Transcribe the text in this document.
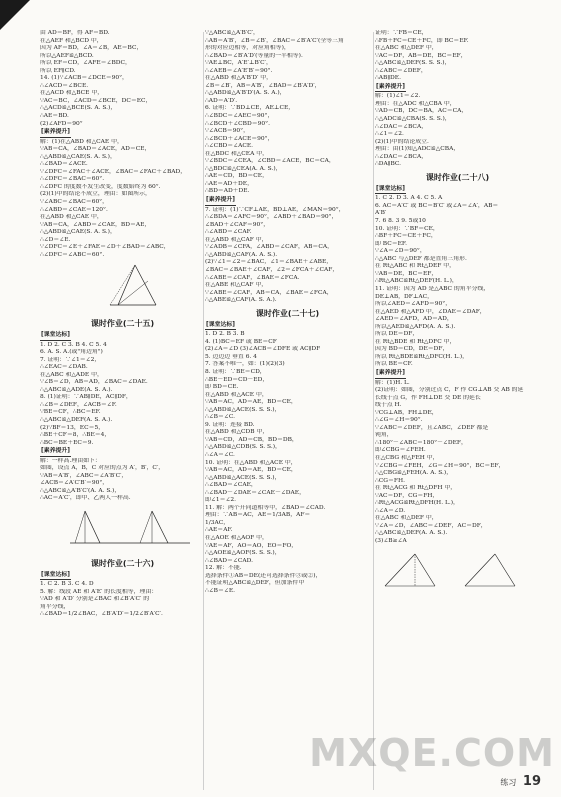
由 AD＝BF，得 AF＝BD.
在△AEF 和△BCD 中，
因为 AF＝BD，∠A＝∠B，AE＝BC，
所以△AEF≌△BCD.
所以 EF＝CD，∠AFE＝∠BDC，
所以 EF∥CD.
14. (1)∵∠ACB＝∠DCE＝90°，
∴∠ACD＝∠BCE.
在△ACD 和△BCE 中，
∵AC＝BC，∠ACD＝∠BCE，DC＝EC，
∴△ACD≌△BCE(S. A. S.)，
∴AE＝BD.
(2)∠AFD＝90°
[素养提升]
解：(1)在△ABD 和△CAE 中，
∵AB＝CA，∠BAD＝∠ACE，AD＝CE，
∴△ABD≌△CAE(S. A. S.)，
∴∠BAD＝∠ACE.
∵∠DFC＝∠FAC＋∠ACE，∠BAC＝∠FAC＋∠BAD，
∴∠DFC＝∠BAC＝60°.
∴∠DFC 的度数不发生改变，度数始终为 60°.
(2)(1)中的结论不成立，理由：如图所示，
∵∠ABC＝∠BAC＝60°，
∴∠ABD＝∠CAE＝120°.
在△ABD 和△CAE 中，
∵AB＝CA，∠ABD＝∠CAE，BD＝AE，
∴△ABD≌△CAE(S. A. S.)，
∴∠D＝∠E.
∵∠DFC＝∠E＋∠FAE＝∠D＋∠BAD＝∠ABC，
∴∠DFC＝∠ABC＝60°.
课时作业(二十五)
[课堂达标]
1. D 2. C 3. B 4. C 5. 4
6. A. S. A.(或"角边角")
7. 证明：∵∠1＝∠2，
∴∠EAC＝∠DAB.
在△ABC 和△ADE 中，
∵∠B＝∠D，AB＝AD，∠BAC＝∠DAE.
∴△ABC≌△ADE(A. S. A.).
8. (1)证明：∵AB∥DE，AC∥DF，
∴∠B＝∠DEF，∠ACB＝∠F.
∵BE＝CF，∴BC＝EF.
∴△ABC≌△DEF(A. S. A.).
(2)∵BF＝13，EC＝5，
∴BE＋CF＝8，∴BE＝4，
∴BC＝BE＋EC＝9.
[素养提升]
解：一样高.理由如下：
如图，设点 A，B，C 对应的点为 A′，B′，C′，
∵AB＝A′B′，∠ABC＝∠A′B′C′，
∠ACB＝∠A′C′B′＝90°，
∴△ABC≌△A′B′C′(A. A. S.)，
∴AC＝A′C′，即甲、乙两人一样高.
课时作业(二十六)
[课堂达标]
1. C 2. B 3. C 4. D
5. 解：线段 AE 和 A′E′ 的长度相等，理由：
∵AD 和 A′D′ 分别是∠BAC 和∠B′A′C′ 的
角平分线，
∴∠BAD＝1/2∠BAC，∠B′A′D′＝1/2∠B′A′C′.
∵△ABC≌△A′B′C′，
∴AB＝A′B′，∠B＝∠B′，∠BAC＝∠B′A′C′(全等三角
形的对应边相等，对应角相等)，
∴∠BAD＝∠B′A′D′(等量的一半相等).
∵AE⊥BC，A′E′⊥B′C′，
∴∠AEB＝∠A′E′B′＝90°.
在△ABD 和△A′B′D′ 中，
∠B＝∠B′，AB＝A′B′，∠BAD＝∠B′A′D′，
∴△ABD≌△A′B′D′(A. S. A.)，
∴AD＝A′D′.
6. 证明：∵BD⊥CE，AE⊥CE，
∴∠BDC＝∠AEC＝90°，
∴∠BCD＋∠CBD＝90°.
∵∠ACB＝90°，
∴∠BCD＋∠ACE＝90°，
∴∠CBD＝∠ACE.
在△BDC 和△CEA 中，
∵∠BDC＝∠CEA，∠CBD＝∠ACE，BC＝CA，
∴△BDC≌△CEA(A. A. S.)，
∴AE＝CD，BD＝CE，
∴AE＝AD＋DE，
∴BD＝AD＋DE.
[素养提升]
7. 证明：(1)∵CF⊥AE，BD⊥AE，∠MAN＝90°，
∴∠BDA＝∠AFC＝90°，∠ABD＋∠BAD＝90°，
∠BAD＋∠CAF＝90°，
∴∠ABD＝∠CAF.
在△ABD 和△CAF 中，
∵∠ADB＝∠CFA，∠ABD＝∠CAF，AB＝CA，
∴△ABD≌△CAF(A. A. S.).
(2)∵∠1＝∠2＝∠BAC，∠1＝∠BAE＋∠ABE，
∠BAC＝∠BAE＋∠CAF，∠2＝∠FCA＋∠CAF，
∴∠ABE＝∠CAF，∠BAE＝∠FCA.
在△ABE 和△CAF 中，
∵∠ABE＝∠CAF，AB＝CA，∠BAE＝∠FCA，
∴△ABE≌△CAF(A. S. A.).
课时作业(二十七)
[课堂达标]
1. D 2. B 3. B
4. (1)BC＝EF 或 BE＝CF
(2)∠A＝∠D (3)∠ACB＝∠DFE 或 AC∥DF
5. 边边边 垂直 6. 4
7. 答案不唯一，如：(1)(2)(3)
8. 证明：∵BE＝CD，
∴BE－ED＝CD－ED，
即 BD＝CE.
在△ABD 和△ACE 中，
∵AB＝AC，AD＝AE，BD＝CE，
∴△ABD≌△ACE(S. S. S.)，
∴∠B＝∠C.
9. 证明：连接 BD.
在△ABD 和△CDB 中，
∵AB＝CD，AD＝CB，BD＝DB，
∴△ABD≌△CDB(S. S. S.)，
∴∠A＝∠C.
10. 证明：在△ABD 和△ACE 中，
∵AB＝AC，AD＝AE，BD＝CE，
∴△ABD≌△ACE(S. S. S.)，
∴∠BAD＝∠CAE，
∴∠BAD－∠DAE＝∠CAE－∠DAE，
即∠1＝∠2.
11. 解：两个开同道相等中，∠BAD＝∠CAD.
理由：∵AB＝AC，AE＝1/3AB，AF＝
1/3AC，
∴AE＝AF.
在△AOE 和△AOF 中，
∵AE＝AF，AO＝AO，EO＝FO，
∴△AOE≌△AOF(S. S. S.)，
∴∠BAD＝∠CAD.
12. 解：不能.
选择条件①AB＝DE(还可选择条件③或②)，
不能证明△ABC≌△DEF，但加条件中
∴∠B＝∠E.
证明：∵FB＝CE，
∴FB＋FC＝CE＋FC，即 BC＝EF.
在△ABC 和△DEF 中，
∵AC＝DF，AB＝DE，BC＝EF，
∴△ABC≌△DEF(S. S. S.)，
∴∠ABC＝∠DEF，
∴AB∥DE.
[素养提升]
解：(1)∠1＝∠2.
理由：在△ADC 和△CBA 中，
∵AD＝CB，DC＝BA，AC＝CA，
∴△ADC≌△CBA(S. S. S.)，
∴∠DAC＝∠BCA，
∴∠1＝∠2.
(2)(1)中的结论成立.
理由：由(1)知△ADC≌△CBA，
∴∠DAC＝∠BCA，
∴DA∥BC.
课时作业(二十八)
[课堂达标]
1. C 2. D 3. A 4. C 5. A
6. AC＝A′C′ 或 BC＝B′C′ 或∠A＝∠A′，AB＝
A′B′
7. 6 8. 3 9. 5或10
10. 证明：∵BF＝CE，
∴BF＋FC＝CE＋FC，
即 BC＝EF.
∵∠A＝∠D＝90°，
∴△ABC 与△DEF 都是直角三角形.
在 Rt△ABC 和 Rt△DEF 中，
∵AB＝DE，BC＝EF，
∴Rt△ABC≌Rt△DEF(H. L.)，
11. 证明：因为 AD 是△ABC 的角平分线，
DE⊥AB，DF⊥AC，
所以∠AED＝∠AFD＝90°，
在△AED 和△AFD 中，∠DAE＝∠DAF，
∠AED＝∠AFD，AD＝AD，
所以△AED≌△AFD(A. A. S.).
所以 DE＝DF，
在 Rt△BDE 和 Rt△DFC 中，
因为 BD＝CD，DE＝DF，
所以 Rt△BDE≌Rt△DFC(H. L.)，
所以 BE＝CF.
[素养提升]
解：(1)H. L.
(2)证明：如图，分别过点 C，F 作 CG⊥AB 交 AB 的延
长线于点 G，作 FH⊥DE 交 DE 的延长
线于点 H.
∵CG⊥AB，FH⊥DE，
∴∠G＝∠H＝90°.
∵∠ABC＝∠DEF，且∠ABC，∠DEF 都是
钝角，
∴180°－∠ABC＝180°－∠DEF，
即∠CBG＝∠FEH.
在△CBG 和△FEH 中，
∵∠CBG＝∠FEH，∠G＝∠H＝90°，BC＝EF，
∴△CBG≌△FEH(A. A. S.)，
∴CG＝FH.
在 Rt△ACG 和 Rt△DFH 中，
∵AC＝DF，CG＝FH，
∴Rt△ACG≌Rt△DFH(H. L.)，
∴∠A＝∠D.
在△ABC 和△DEF 中，
∵∠A＝∠D，∠ABC＝∠DEF，AC＝DF，
∴△ABC≌△DEF(A. A. S.).
(3)∠B≥∠A
MXQE.COM
练习 19
